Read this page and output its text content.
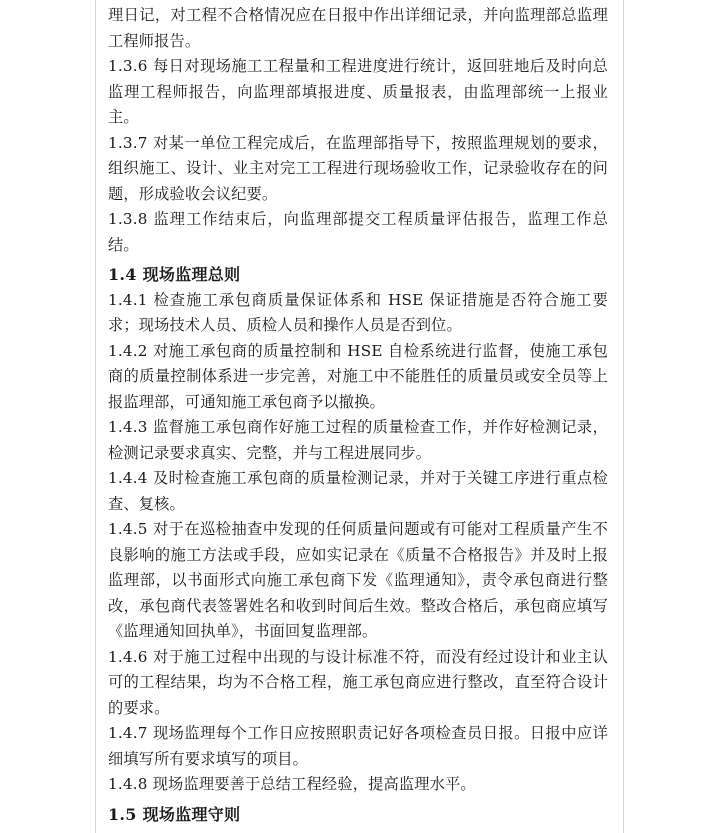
理日记，对工程不合格情况应在日报中作出详细记录，并向监理部总监理工程师报告。

1.3.6 每日对现场施工工程量和工程进度进行统计，返回驻地后及时向总监理工程师报告，向监理部填报进度、质量报表，由监理部统一上报业主。

1.3.7 对某一单位工程完成后，在监理部指导下，按照监理规划的要求，组织施工、设计、业主对完工工程进行现场验收工作，记录验收存在的问题，形成验收会议纪要。

1.3.8 监理工作结束后，向监理部提交工程质量评估报告，监理工作总结。

1.4 现场监理总则

1.4.1 检查施工承包商质量保证体系和 HSE 保证措施是否符合施工要求；现场技术人员、质检人员和操作人员是否到位。

1.4.2 对施工承包商的质量控制和 HSE 自检系统进行监督，使施工承包商的质量控制体系进一步完善，对施工中不能胜任的质量员或安全员等上报监理部，可通知施工承包商予以撤换。

1.4.3 监督施工承包商作好施工过程的质量检查工作，并作好检测记录，检测记录要求真实、完整，并与工程进展同步。

1.4.4 及时检查施工承包商的质量检测记录，并对于关键工序进行重点检查、复核。

1.4.5 对于在巡检抽查中发现的任何质量问题或有可能对工程质量产生不良影响的施工方法或手段，应如实记录在《质量不合格报告》并及时上报监理部，以书面形式向施工承包商下发《监理通知》，责令承包商进行整改，承包商代表签署姓名和收到时间后生效。整改合格后，承包商应填写《监理通知回执单》，书面回复监理部。

1.4.6 对于施工过程中出现的与设计标准不符，而没有经过设计和业主认可的工程结果，均为不合格工程，施工承包商应进行整改，直至符合设计的要求。

1.4.7 现场监理每个工作日应按照职责记好各项检查员日报。日报中应详细填写所有要求填写的项目。

1.4.8 现场监理要善于总结工程经验，提高监理水平。

1.5 现场监理守则
